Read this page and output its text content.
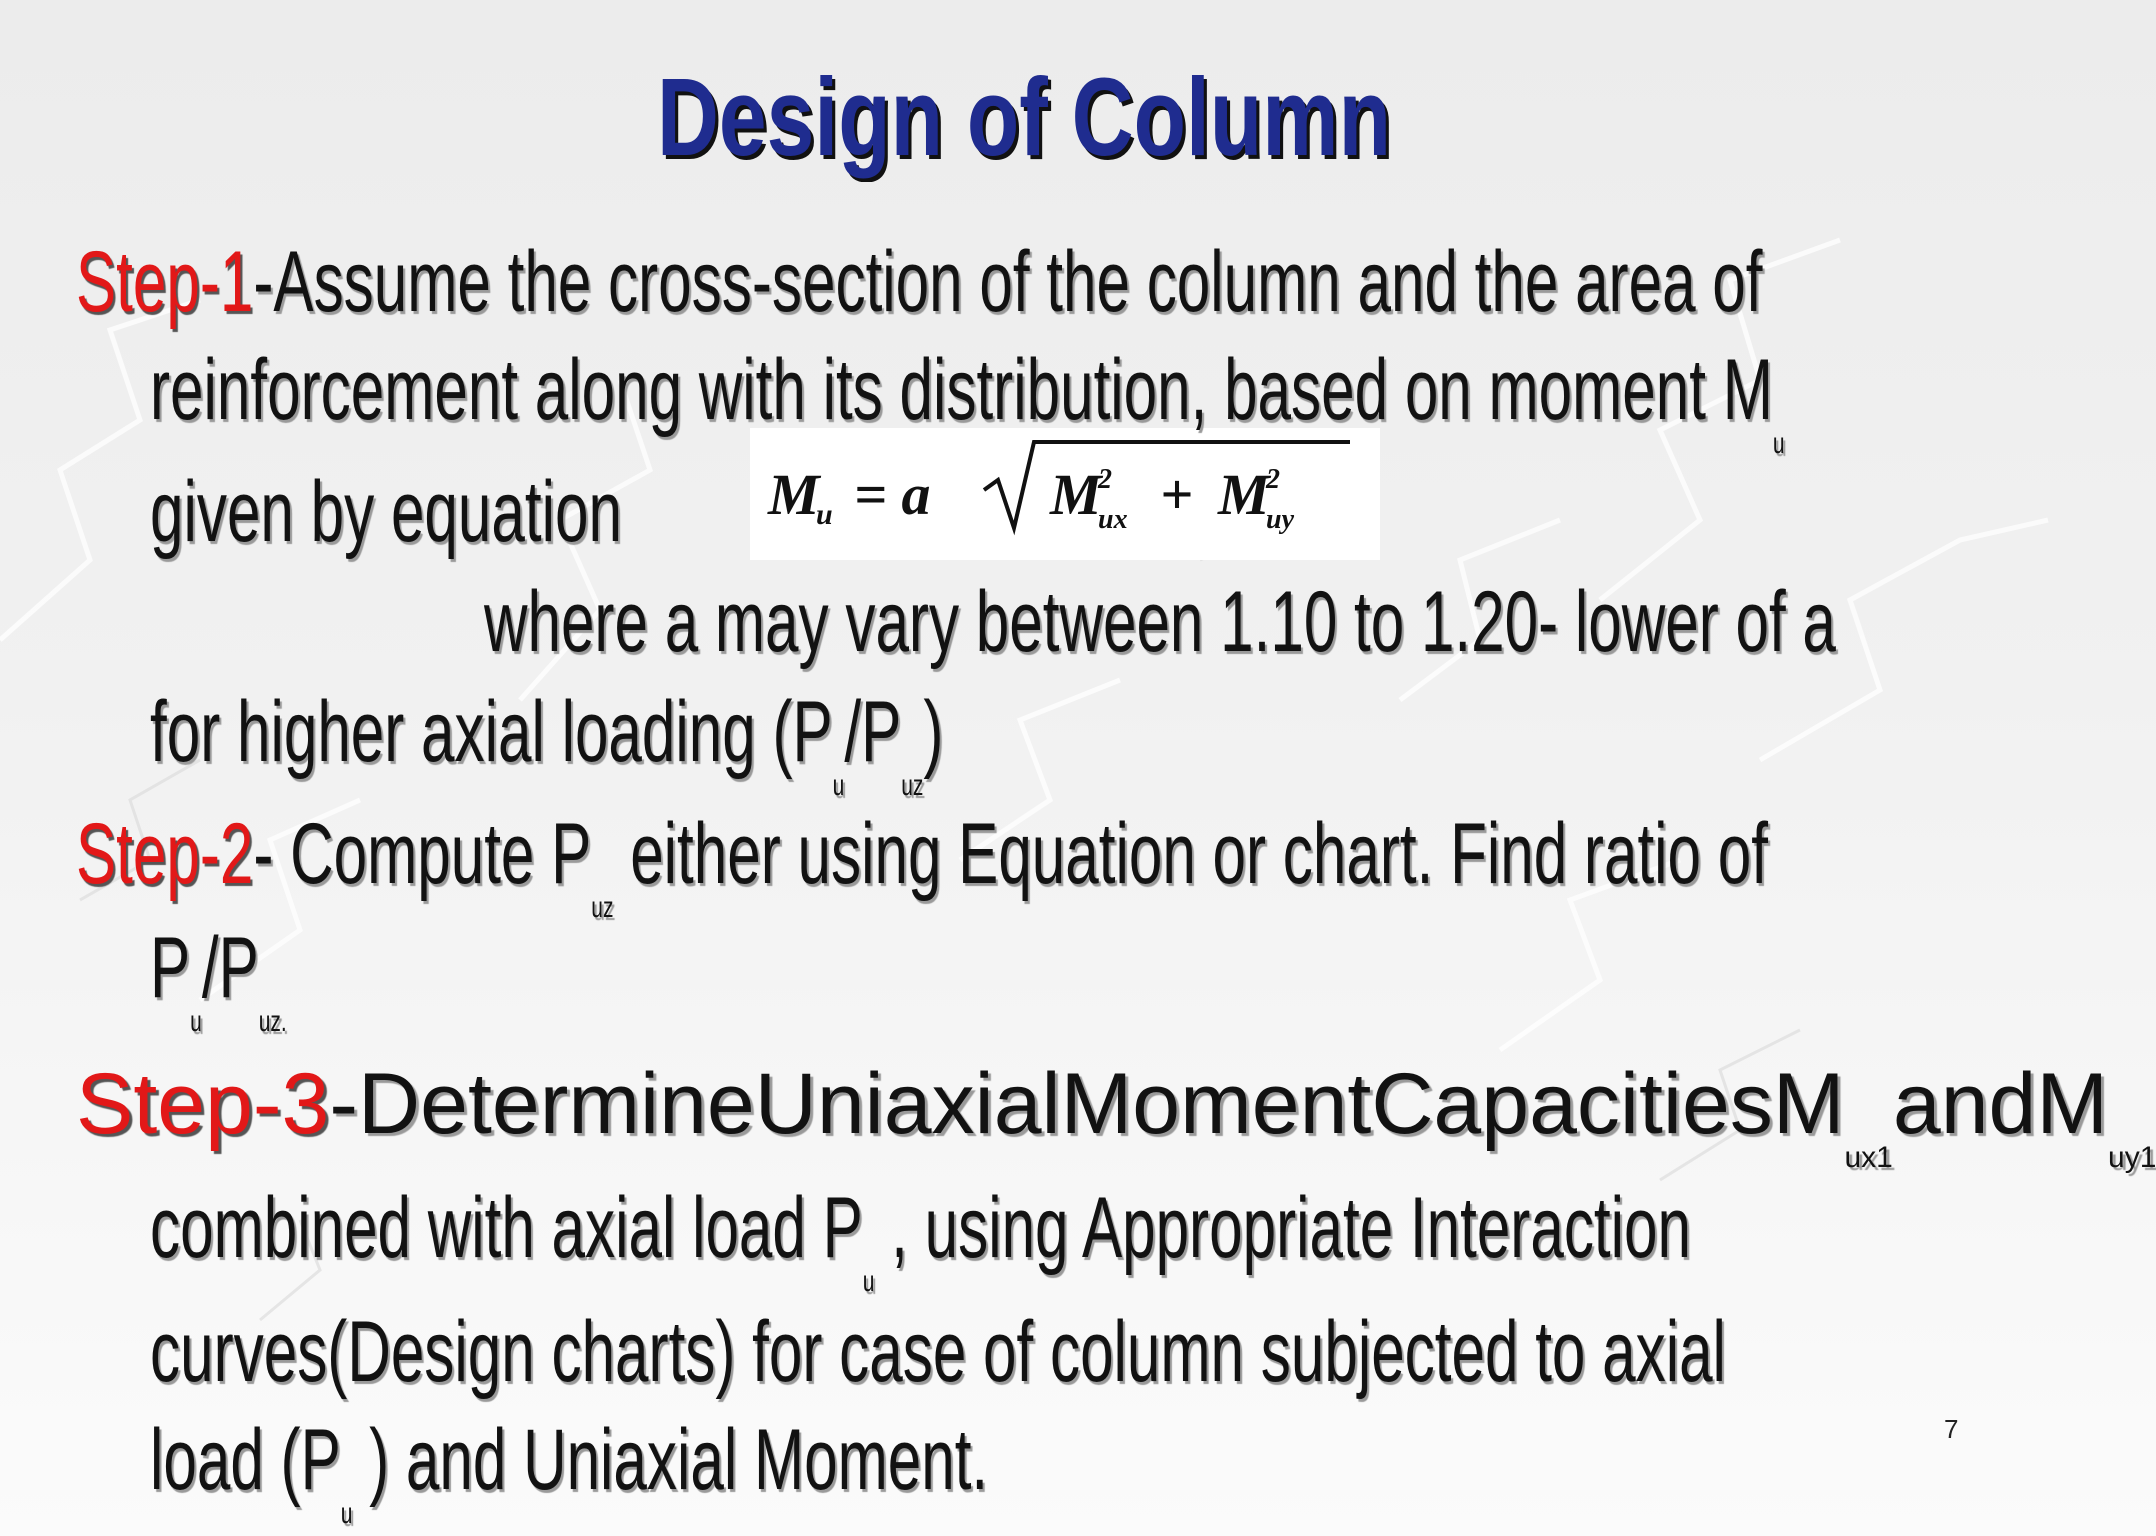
Design of Column
M
u = a M
2
ux + M
2
uy
Step-1-Assume the cross-section of the column and the area of
reinforcement along with its distribution, based on moment $M_u$
given by equation
where a may vary between 1.10 to 1.20- lower of a
for higher axial loading $(P_u/P_{uz})$
Step-2- Compute $P_{uz}$ either using Equation or chart. Find ratio of
$P_u/P_{uz.}$
Step-3- Determine Uniaxial Moment Capacities $M_{ux1}$
and $M_{uy1}$
combined with axial load $P_u$ , using Appropriate Interaction
curves(Design charts) for case of column subjected to axial
load ($P_u$ ) and Uniaxial Moment.	7
